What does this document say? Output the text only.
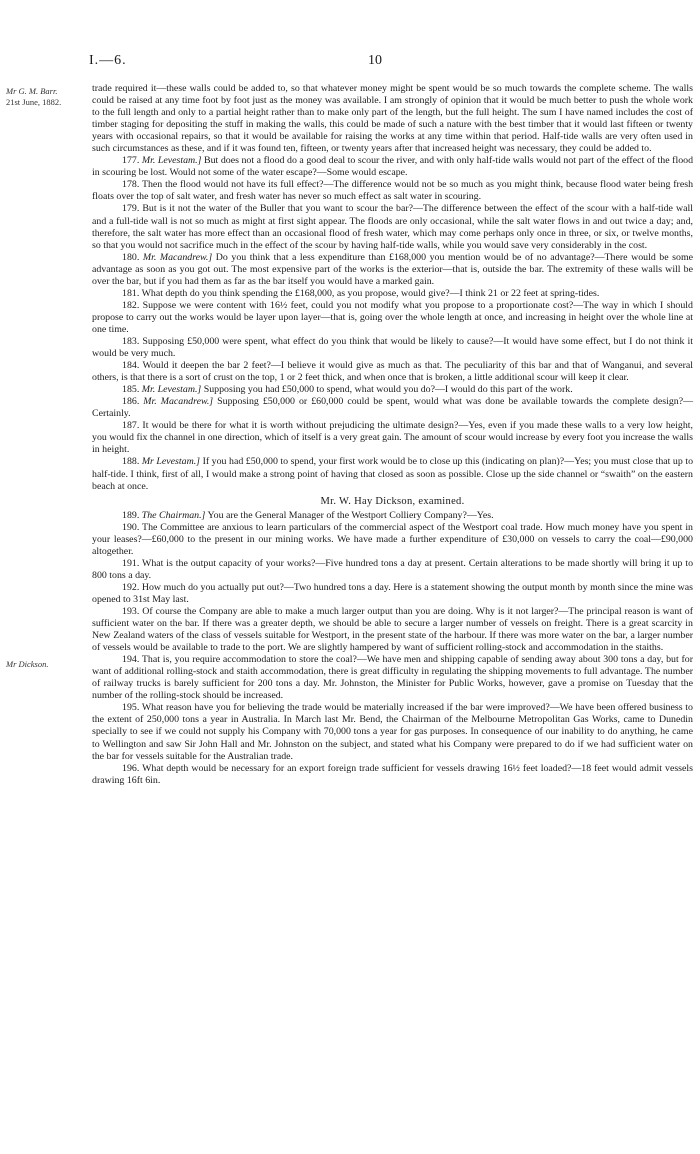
I.—6.	10
Mr G. M. Barr.
21st June, 1882.
Mr Dickson.

trade required it—these walls could be added to, so that whatever money might be spent would be so much towards the complete scheme. The walls could be raised at any time foot by foot just as the money was available. I am strongly of opinion that it would be much better to push the whole work to the full length and only to a partial height rather than to make only part of the length, but the full height. The sum I have named includes the cost of timber staging for depositing the stuff in making the walls, this could be made of such a nature with the best timber that it would last fifteen or twenty years with occasional repairs, so that it would be available for raising the works at any time within that period. Half-tide walls are very often used in such circumstances as these, and if it was found ten, fifteen, or twenty years after that increased height was necessary, they could be added to.

177. Mr. Levestam.] But does not a flood do a good deal to scour the river, and with only half-tide walls would not part of the effect of the flood in scouring be lost. Would not some of the water escape?—Some would escape.

178. Then the flood would not have its full effect?—The difference would not be so much as you might think, because flood water being fresh floats over the top of salt water, and fresh water has never so much effect as salt water in scouring.

179. But is it not the water of the Buller that you want to scour the bar?—The difference between the effect of the scour with a half-tide wall and a full-tide wall is not so much as might at first sight appear. The floods are only occasional, while the salt water flows in and out twice a day; and, therefore, the salt water has more effect than an occasional flood of fresh water, which may come perhaps only once in three, or six, or twelve months, so that you would not sacrifice much in the effect of the scour by having half-tide walls, while you would save very considerably in the cost.

180. Mr. Macandrew.] Do you think that a less expenditure than £168,000 you mention would be of no advantage?—There would be some advantage as soon as you got out. The most expensive part of the works is the exterior—that is, outside the bar. The extremity of these walls will be over the bar, but if you had them as far as the bar itself you would have a marked gain.

181. What depth do you think spending the £168,000, as you propose, would give?—I think 21 or 22 feet at spring-tides.

182. Suppose we were content with 16½ feet, could you not modify what you propose to a proportionate cost?—The way in which I should propose to carry out the works would be layer upon layer—that is, going over the whole length at once, and increasing in height over the whole line at one time.

183. Supposing £50,000 were spent, what effect do you think that would be likely to cause?—It would have some effect, but I do not think it would be very much.

184. Would it deepen the bar 2 feet?—I believe it would give as much as that. The peculiarity of this bar and that of Wanganui, and several others, is that there is a sort of crust on the top, 1 or 2 feet thick, and when once that is broken, a little additional scour will keep it clear.

185. Mr. Levestam.] Supposing you had £50,000 to spend, what would you do?—I would do this part of the work.

186. Mr. Macandrew.] Supposing £50,000 or £60,000 could be spent, would what was done be available towards the complete design?—Certainly.

187. It would be there for what it is worth without prejudicing the ultimate design?—Yes, even if you made these walls to a very low height, you would fix the channel in one direction, which of itself is a very great gain. The amount of scour would increase by every foot you increase the walls in height.

188. Mr Levestam.] If you had £50,000 to spend, your first work would be to close up this (indicating on plan)?—Yes; you must close that up to half-tide. I think, first of all, I would make a strong point of having that closed as soon as possible. Close up the side channel or “swaith” on the eastern beach at once.

Mr. W. Hay Dickson, examined.

189. The Chairman.] You are the General Manager of the Westport Colliery Company?—Yes.

190. The Committee are anxious to learn particulars of the commercial aspect of the Westport coal trade. How much money have you spent in your leases?—£60,000 to the present in our mining works. We have made a further expenditure of £30,000 on vessels to carry the coal—£90,000 altogether.

191. What is the output capacity of your works?—Five hundred tons a day at present. Certain alterations to be made shortly will bring it up to 800 tons a day.

192. How much do you actually put out?—Two hundred tons a day. Here is a statement showing the output month by month since the mine was opened to 31st May last.

193. Of course the Company are able to make a much larger output than you are doing. Why is it not larger?—The principal reason is want of sufficient water on the bar. If there was a greater depth, we should be able to secure a larger number of vessels on freight. There is a great scarcity in New Zealand waters of the class of vessels suitable for Westport, in the present state of the harbour. If there was more water on the bar, a larger number of vessels would be available to trade to the port. We are slightly hampered by want of sufficient rolling-stock and accommodation in the staiths.

194. That is, you require accommodation to store the coal?—We have men and shipping capable of sending away about 300 tons a day, but for want of additional rolling-stock and staith accommodation, there is great difficulty in regulating the shipping movements to full advantage. The number of railway trucks is barely sufficient for 200 tons a day. Mr. Johnston, the Minister for Public Works, however, gave a promise on Tuesday that the number of the rolling-stock should be increased.

195. What reason have you for believing the trade would be materially increased if the bar were improved?—We have been offered business to the extent of 250,000 tons a year in Australia. In March last Mr. Bend, the Chairman of the Melbourne Metropolitan Gas Works, came to Dunedin specially to see if we could not supply his Company with 70,000 tons a year for gas purposes. In consequence of our inability to do anything, he came to Wellington and saw Sir John Hall and Mr. Johnston on the subject, and stated what his Company were prepared to do if we had sufficient water on the bar for vessels suitable for the Australian trade.

196. What depth would be necessary for an export foreign trade sufficient for vessels drawing 16½ feet loaded?—18 feet would admit vessels drawing 16ft 6in.
